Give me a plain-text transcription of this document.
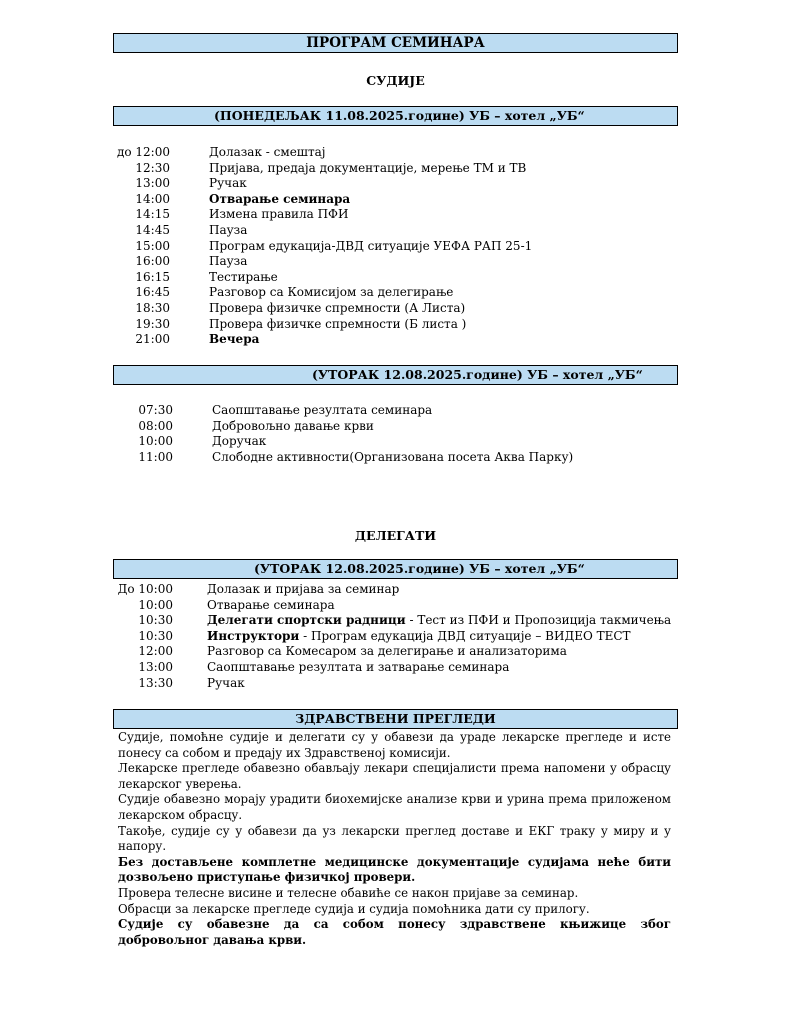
ПРОГРАМ СЕМИНАРА
СУДИЈЕ
(ПОНЕДЕЉАК 11.08.2025.године) УБ – хотел „УБ“
до 12:00	Долазак - смештај
12:30	Пријава, предаја документације, мерење ТМ и ТВ
13:00	Ручак
14:00	Отварање семинара
14:15	Измена правила ПФИ
14:45	Пауза
15:00	Програм едукација-ДВД ситуације УЕФА РАП 25-1
16:00	Пауза
16:15	Тестирање
16:45	Разговор са Комисијом за делегирање
18:30	Провера физичке спремности (А Листа)
19:30	Провера физичке спремности (Б листа )
21:00	Вечера
(УТОРАК 12.08.2025.године) УБ – хотел „УБ“
07:30	Саопштавање резултата семинара
08:00	Добровољно давање крви
10:00	Доручак
11:00	Слободне активности(Организована посета Аква Парку)
ДЕЛЕГАТИ
(УТОРАК 12.08.2025.године) УБ – хотел „УБ“
До 10:00	Долазак и пријава за семинар
10:00	Отварање семинара
10:30	Делегати спортски радници - Тест из ПФИ и Пропозиција такмичења
10:30	Инструктори - Програм едукација ДВД ситуације – ВИДЕО ТЕСТ
12:00	Разговор са Комесаром за делегирање и анализаторима
13:00	Саопштавање резултата и затварање семинара
13:30	Ручак
ЗДРАВСТВЕНИ ПРЕГЛЕДИ

Судије, помоћне судије и делегати су у обавези да ураде лекарске прегледе и исте понесу са собом и предају их Здравственој комисији.

Лекарске прегледе обавезно обављају лекари специјалисти према напомени у обрасцу лекарског уверења.

Судије обавезно морају урадити биохемијске анализе крви и урина према приложеном лекарском обрасцу.

Такође, судије су у обавези да уз лекарски преглед доставе и ЕКГ траку у миру и у напору.

Без достављене комплетне медицинске документације судијама неће бити дозвољено приступање физичкој провери.

Провера телесне висине и телесне обавиће се након пријаве за семинар.

Обрасци за лекарске прегледе судија и судија помоћника дати су прилогу.

Судије су обавезне да са собом понесу здравствене књижице због добровољног давања крви.
